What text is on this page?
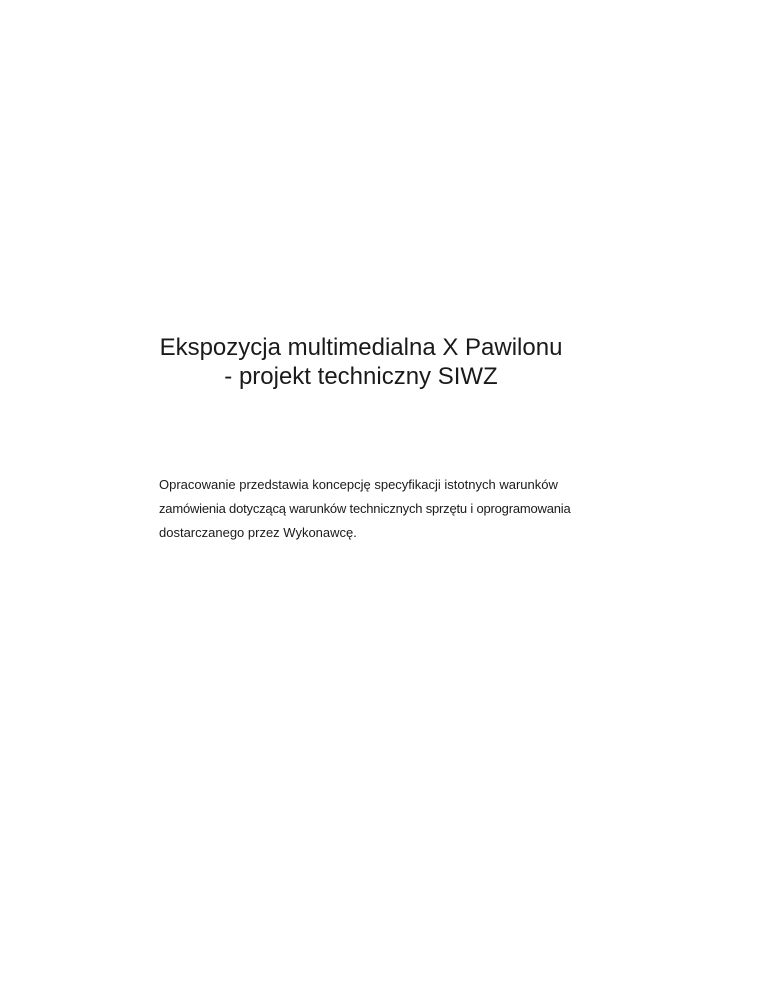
Ekspozycja multimedialna X Pawilonu
- projekt techniczny SIWZ
Opracowanie przedstawia koncepcję specyfikacji istotnych warunków
zamówienia dotyczącą warunków technicznych sprzętu i oprogramowania
dostarczanego przez Wykonawcę.
